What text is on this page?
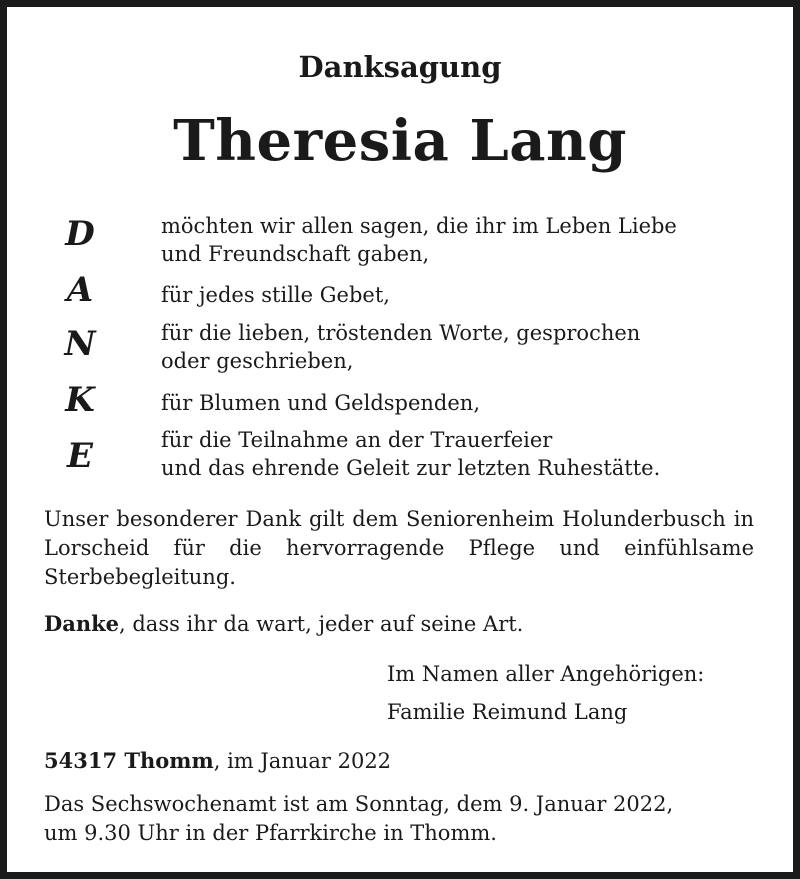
Danksagung
Theresia Lang
D
A
N
K
E
möchten wir allen sagen, die ihr im Leben Liebe
und Freundschaft gaben,
für jedes stille Gebet,
für die lieben, tröstenden Worte, gesprochen
oder geschrieben,
für Blumen und Geldspenden,
für die Teilnahme an der Trauerfeier
und das ehrende Geleit zur letzten Ruhestätte.
Unser besonderer Dank gilt dem Seniorenheim Holunderbusch in Lorscheid für die hervorragende Pflege und einfühlsame Sterbebegleitung.
Danke, dass ihr da wart, jeder auf seine Art.
Im Namen aller Angehörigen:
Familie Reimund Lang
54317 Thomm, im Januar 2022
Das Sechswochenamt ist am Sonntag, dem 9. Januar 2022,
um 9.30 Uhr in der Pfarrkirche in Thomm.
